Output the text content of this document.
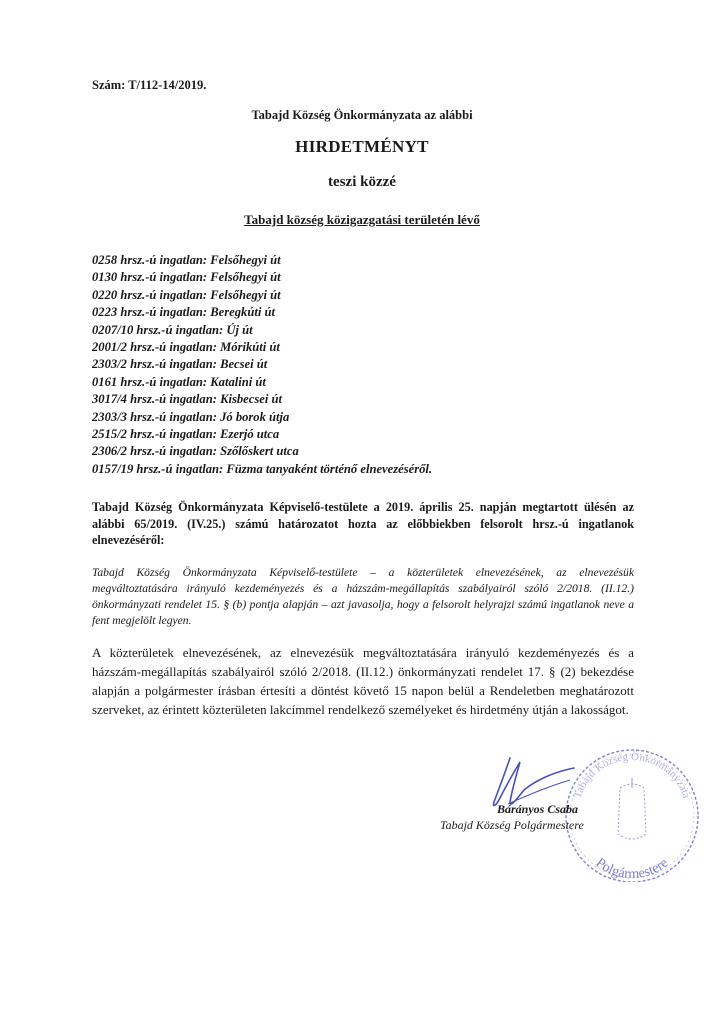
Szám: T/112-14/2019.
Tabajd Község Önkormányzata az alábbi
HIRDETMÉNYT
teszi közzé
Tabajd község közigazgatási területén lévő
0258 hrsz.-ú ingatlan: Felsőhegyi út
0130 hrsz.-ú ingatlan: Felsőhegyi út
0220 hrsz.-ú ingatlan: Felsőhegyi út
0223 hrsz.-ú ingatlan: Beregkúti út
0207/10 hrsz.-ú ingatlan: Új út
2001/2 hrsz.-ú ingatlan: Mórikúti út
2303/2 hrsz.-ú ingatlan: Becsei út
0161 hrsz.-ú ingatlan: Katalini út
3017/4 hrsz.-ú ingatlan: Kisbecsei út
2303/3 hrsz.-ú ingatlan: Jó borok útja
2515/2 hrsz.-ú ingatlan: Ezerjó utca
2306/2 hrsz.-ú ingatlan: Szőlőskert utca
0157/19 hrsz.-ú ingatlan: Füzma tanyaként történő elnevezéséről.
Tabajd Község Önkormányzata Képviselő-testülete a 2019. április 25. napján megtartott ülésén az alábbi 65/2019. (IV.25.) számú határozatot hozta az előbbiekben felsorolt hrsz.-ú ingatlanok elnevezéséről:
Tabajd Község Önkormányzata Képviselő-testülete – a közterületek elnevezésének, az elnevezésük megváltoztatására irányuló kezdeményezés és a házszám-megállapítás szabályairól szóló 2/2018. (II.12.) önkormányzati rendelet 15. § (b) pontja alapján – azt javasolja, hogy a felsorolt helyrajzi számú ingatlanok neve a fent megjelölt legyen.
A közterületek elnevezésének, az elnevezésük megváltoztatására irányuló kezdeményezés és a házszám-megállapítás szabályairól szóló 2/2018. (II.12.) önkormányzati rendelet 17. § (2) bekezdése alapján a polgármester írásban értesíti a döntést követő 15 napon belül a Rendeletben meghatározott szerveket, az érintett közterületen lakcímmel rendelkező személyeket és hirdetmény útján a lakosságot.
Tabajd Község Önkormányzata
Polgármestere
Bárányos Csaba
Tabajd Község Polgármestere
